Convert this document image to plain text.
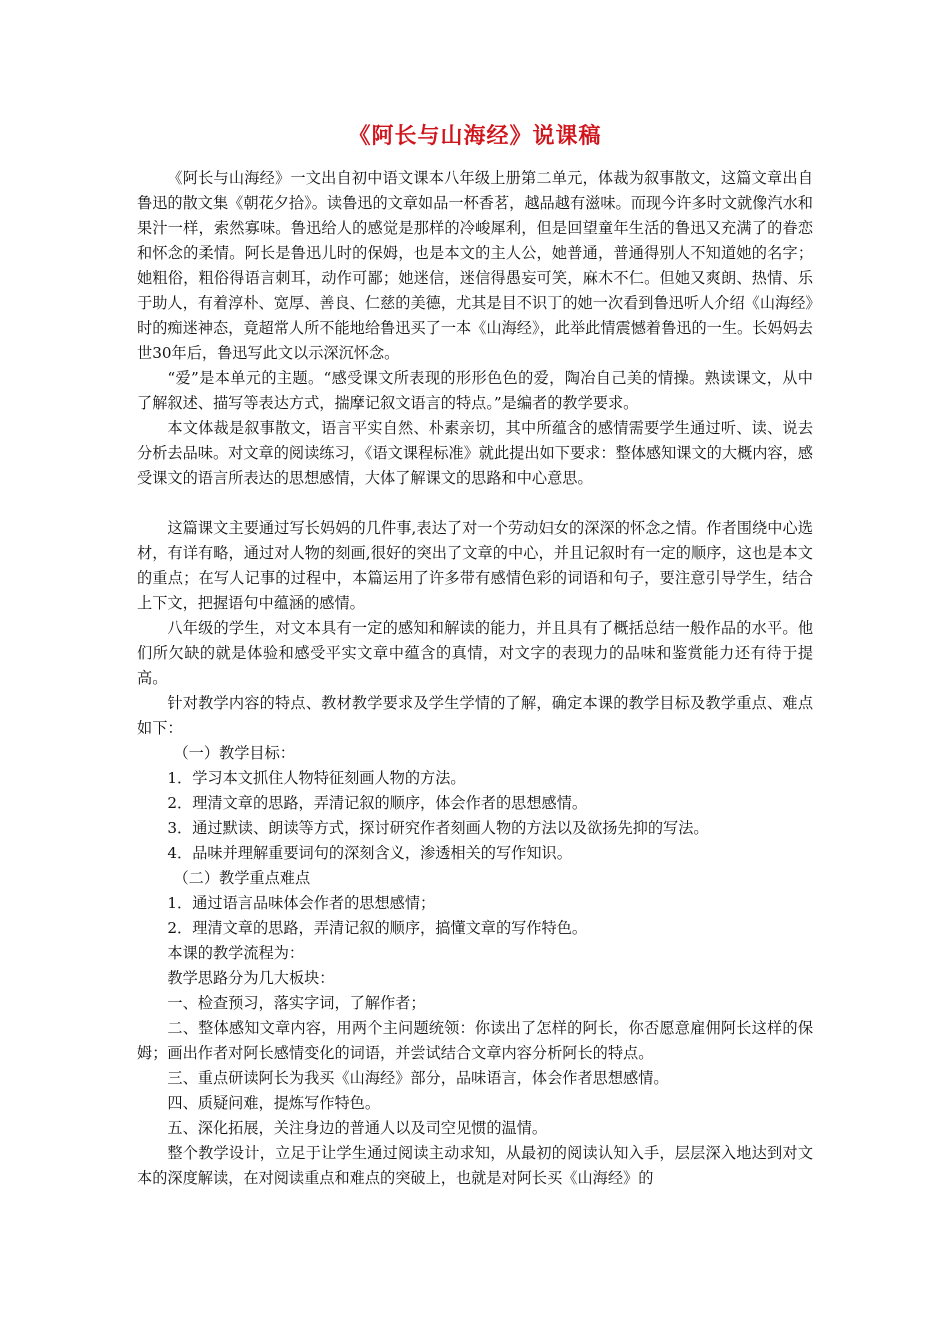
《阿长与山海经》说课稿

《阿长与山海经》一文出自初中语文课本八年级上册第二单元，体裁为叙事散文，这篇文章出自鲁迅的散文集《朝花夕拾》。读鲁迅的文章如品一杯香茗，越品越有滋味。而现今许多时文就像汽水和果汁一样，索然寡味。鲁迅给人的感觉是那样的冷峻犀利，但是回望童年生活的鲁迅又充满了的眷恋和怀念的柔情。阿长是鲁迅儿时的保姆，也是本文的主人公，她普通，普通得别人不知道她的名字；她粗俗，粗俗得语言刺耳，动作可鄙；她迷信，迷信得愚妄可笑，麻木不仁。但她又爽朗、热情、乐于助人，有着淳朴、宽厚、善良、仁慈的美德，尤其是目不识丁的她一次看到鲁迅听人介绍《山海经》时的痴迷神态，竟超常人所不能地给鲁迅买了一本《山海经》，此举此情震憾着鲁迅的一生。长妈妈去世30年后，鲁迅写此文以示深沉怀念。

“爱”是本单元的主题。“感受课文所表现的形形色色的爱，陶冶自己美的情操。熟读课文，从中了解叙述、描写等表达方式，揣摩记叙文语言的特点。”是编者的教学要求。

本文体裁是叙事散文，语言平实自然、朴素亲切，其中所蕴含的感情需要学生通过听、读、说去分析去品味。对文章的阅读练习，《语文课程标准》就此提出如下要求：整体感知课文的大概内容，感受课文的语言所表达的思想感情，大体了解课文的思路和中心意思。

这篇课文主要通过写长妈妈的几件事,表达了对一个劳动妇女的深深的怀念之情。作者围绕中心选材，有详有略，通过对人物的刻画,很好的突出了文章的中心，并且记叙时有一定的顺序，这也是本文的重点；在写人记事的过程中，本篇运用了许多带有感情色彩的词语和句子，要注意引导学生，结合上下文，把握语句中蕴涵的感情。

八年级的学生，对文本具有一定的感知和解读的能力，并且具有了概括总结一般作品的水平。他们所欠缺的就是体验和感受平实文章中蕴含的真情，对文字的表现力的品味和鉴赏能力还有待于提高。

针对教学内容的特点、教材教学要求及学生学情的了解，确定本课的教学目标及教学重点、难点如下：

（一）教学目标：

1．学习本文抓住人物特征刻画人物的方法。

2．理清文章的思路，弄清记叙的顺序，体会作者的思想感情。

3．通过默读、朗读等方式，探讨研究作者刻画人物的方法以及欲扬先抑的写法。

4．品味并理解重要词句的深刻含义，渗透相关的写作知识。

（二）教学重点难点

1．通过语言品味体会作者的思想感情；

2．理清文章的思路，弄清记叙的顺序，搞懂文章的写作特色。

本课的教学流程为：

教学思路分为几大板块：

一、检查预习，落实字词，了解作者；

二、整体感知文章内容，用两个主问题统领：你读出了怎样的阿长，你否愿意雇佣阿长这样的保姆；画出作者对阿长感情变化的词语，并尝试结合文章内容分析阿长的特点。

三、重点研读阿长为我买《山海经》部分，品味语言，体会作者思想感情。

四、质疑问难，提炼写作特色。

五、深化拓展，关注身边的普通人以及司空见惯的温情。

整个教学设计，立足于让学生通过阅读主动求知，从最初的阅读认知入手，层层深入地达到对文本的深度解读，在对阅读重点和难点的突破上，也就是对阿长买《山海经》的
